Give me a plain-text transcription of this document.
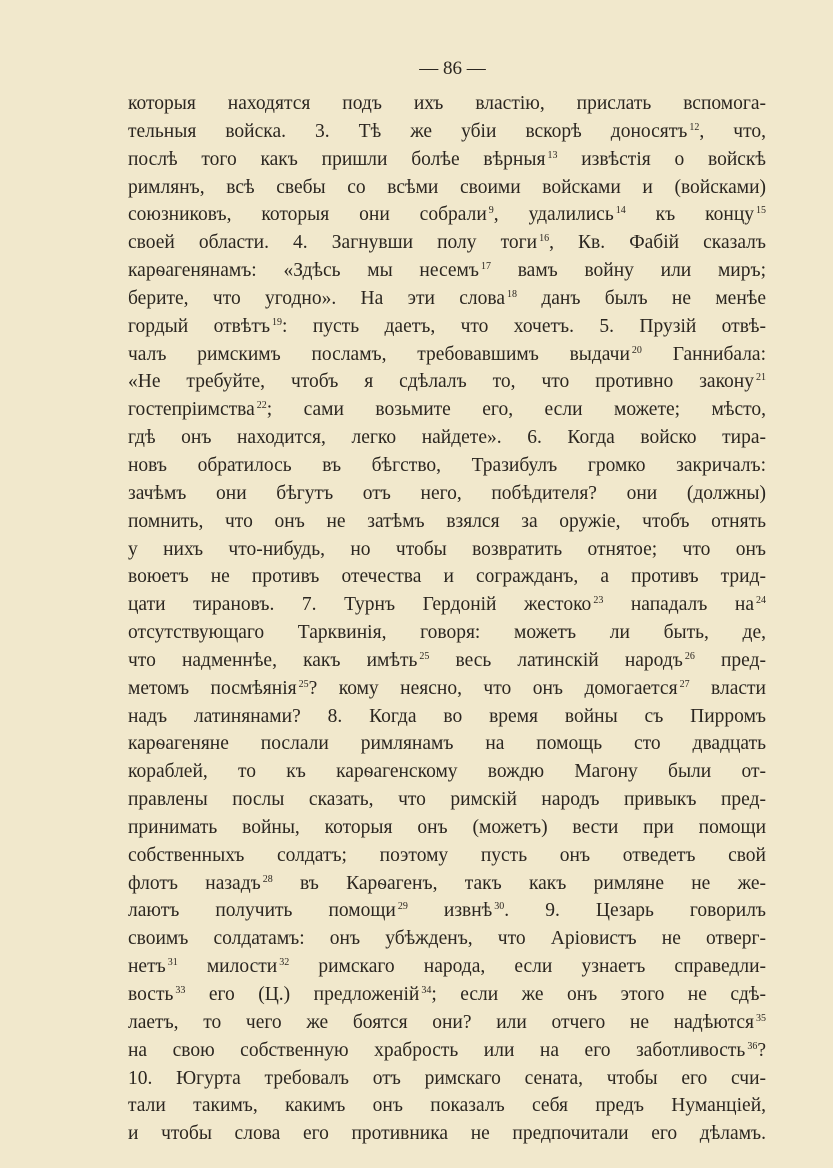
— 86 —
которыя находятся подъ ихъ властію, прислать вспомога-
тельныя войска. 3. Тѣ же убіи вскорѣ доносятъ $^{12}$, что,
послѣ того какъ пришли болѣе вѣрныя $^{13}$ извѣстія о войскѣ
римлянъ, всѣ свебы со всѣми своими войсками и (войсками)
союзниковъ, которыя они собрали $^9$, удалились $^{14}$ къ концу $^{15}$
своей области. 4. Загнувши полу тоги $^{16}$, Кв. Фабій сказалъ
карѳагенянамъ: «Здѣсь мы несемъ $^{17}$ вамъ войну или миръ;
берите, что угодно». На эти слова $^{18}$ данъ былъ не менѣе
гордый отвѣтъ $^{19}$: пусть даетъ, что хочетъ. 5. Прузій отвѣ-
чалъ римскимъ посламъ, требовавшимъ выдачи $^{20}$ Ганнибала:
«Не требуйте, чтобъ я сдѣлалъ то, что противно закону $^{21}$
гостепріимства $^{22}$; сами возьмите его, если можете; мѣсто,
гдѣ онъ находится, легко найдете». 6. Когда войско тира-
новъ обратилось въ бѣгство, Тразибулъ громко закричалъ:
зачѣмъ они бѣгутъ отъ него, побѣдителя? они (должны)
помнить, что онъ не затѣмъ взялся за оружіе, чтобъ отнять
у нихъ что-нибудь, но чтобы возвратить отнятое; что онъ
воюетъ не противъ отечества и согражданъ, а противъ трид-
цати тирановъ. 7. Турнъ Гердоній жестоко $^{23}$ нападалъ на $^{24}$
отсутствующаго Тарквинія, говоря: можетъ ли быть, де,
что надменнѣе, какъ имѣть $^{25}$ весь латинскій народъ $^{26}$ пред-
метомъ посмѣянія $^{25}$? кому неясно, что онъ домогается $^{27}$ власти
надъ латинянами? 8. Когда во время войны съ Пирромъ
карѳагеняне послали римлянамъ на помощь сто двадцать
кораблей, то къ карѳагенскому вождю Магону были от-
правлены послы сказать, что римскій народъ привыкъ пред-
принимать войны, которыя онъ (можетъ) вести при помощи
собственныхъ солдатъ; поэтому пусть онъ отведетъ свой
флотъ назадъ $^{28}$ въ Карѳагенъ, такъ какъ римляне не же-
лаютъ получить помощи $^{29}$ извнѣ $^{30}$. 9. Цезарь говорилъ
своимъ солдатамъ: онъ убѣжденъ, что Аріовистъ не отверг-
нетъ $^{31}$ милости $^{32}$ римскаго народа, если узнаетъ справедли-
вость $^{33}$ его (Ц.) предложеній $^{34}$; если же онъ этого не сдѣ-
лаетъ, то чего же боятся они? или отчего не надѣются $^{35}$
на свою собственную храбрость или на его заботливость $^{36}$?
10. Югурта требовалъ отъ римскаго сената, чтобы его счи-
тали такимъ, какимъ онъ показалъ себя предъ Нуманціей,
и чтобы слова его противника не предпочитали его дѣламъ.
